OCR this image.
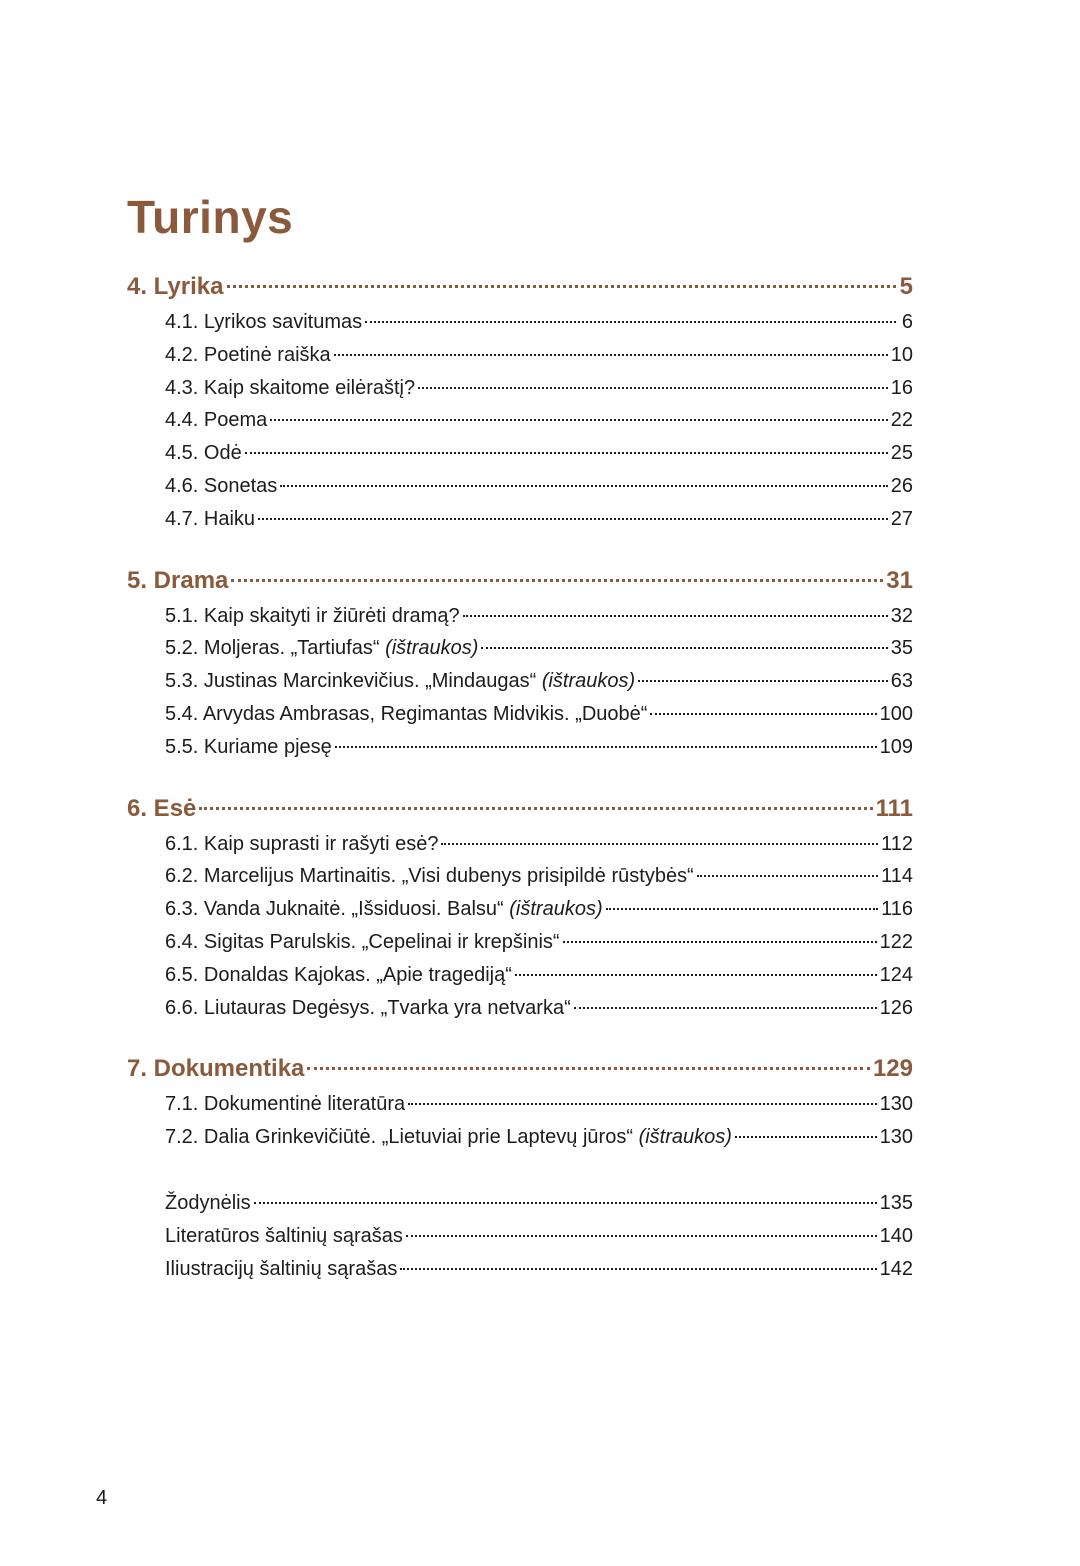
Turinys
4. Lyrika	5
4.1. Lyrikos savitumas	6
4.2. Poetinė raiška	10
4.3. Kaip skaitome eilėraštį?	16
4.4. Poema	22
4.5. Odė	25
4.6. Sonetas	26
4.7. Haiku	27
5. Drama	31
5.1. Kaip skaityti ir žiūrėti dramą?	32
5.2. Moljeras. „Tartiufas“ (ištraukos)	35
5.3. Justinas Marcinkevičius. „Mindaugas“ (ištraukos)	63
5.4. Arvydas Ambrasas, Regimantas Midvikis. „Duobė“	100
5.5. Kuriame pjesę	109
6. Esė	111
6.1. Kaip suprasti ir rašyti esė?	112
6.2. Marcelijus Martinaitis. „Visi dubenys prisipildė rūstybės“	114
6.3. Vanda Juknaitė. „Išsiduosi. Balsu“ (ištraukos)	116
6.4. Sigitas Parulskis. „Cepelinai ir krepšinis“	122
6.5. Donaldas Kajokas. „Apie tragediją“	124
6.6. Liutauras Degėsys. „Tvarka yra netvarka“	126
7. Dokumentika	129
7.1. Dokumentinė literatūra	130
7.2. Dalia Grinkevičiūtė. „Lietuviai prie Laptevų jūros“ (ištraukos)	130
Žodynėlis	135
Literatūros šaltinių sąrašas	140
Iliustracijų šaltinių sąrašas	142
4
